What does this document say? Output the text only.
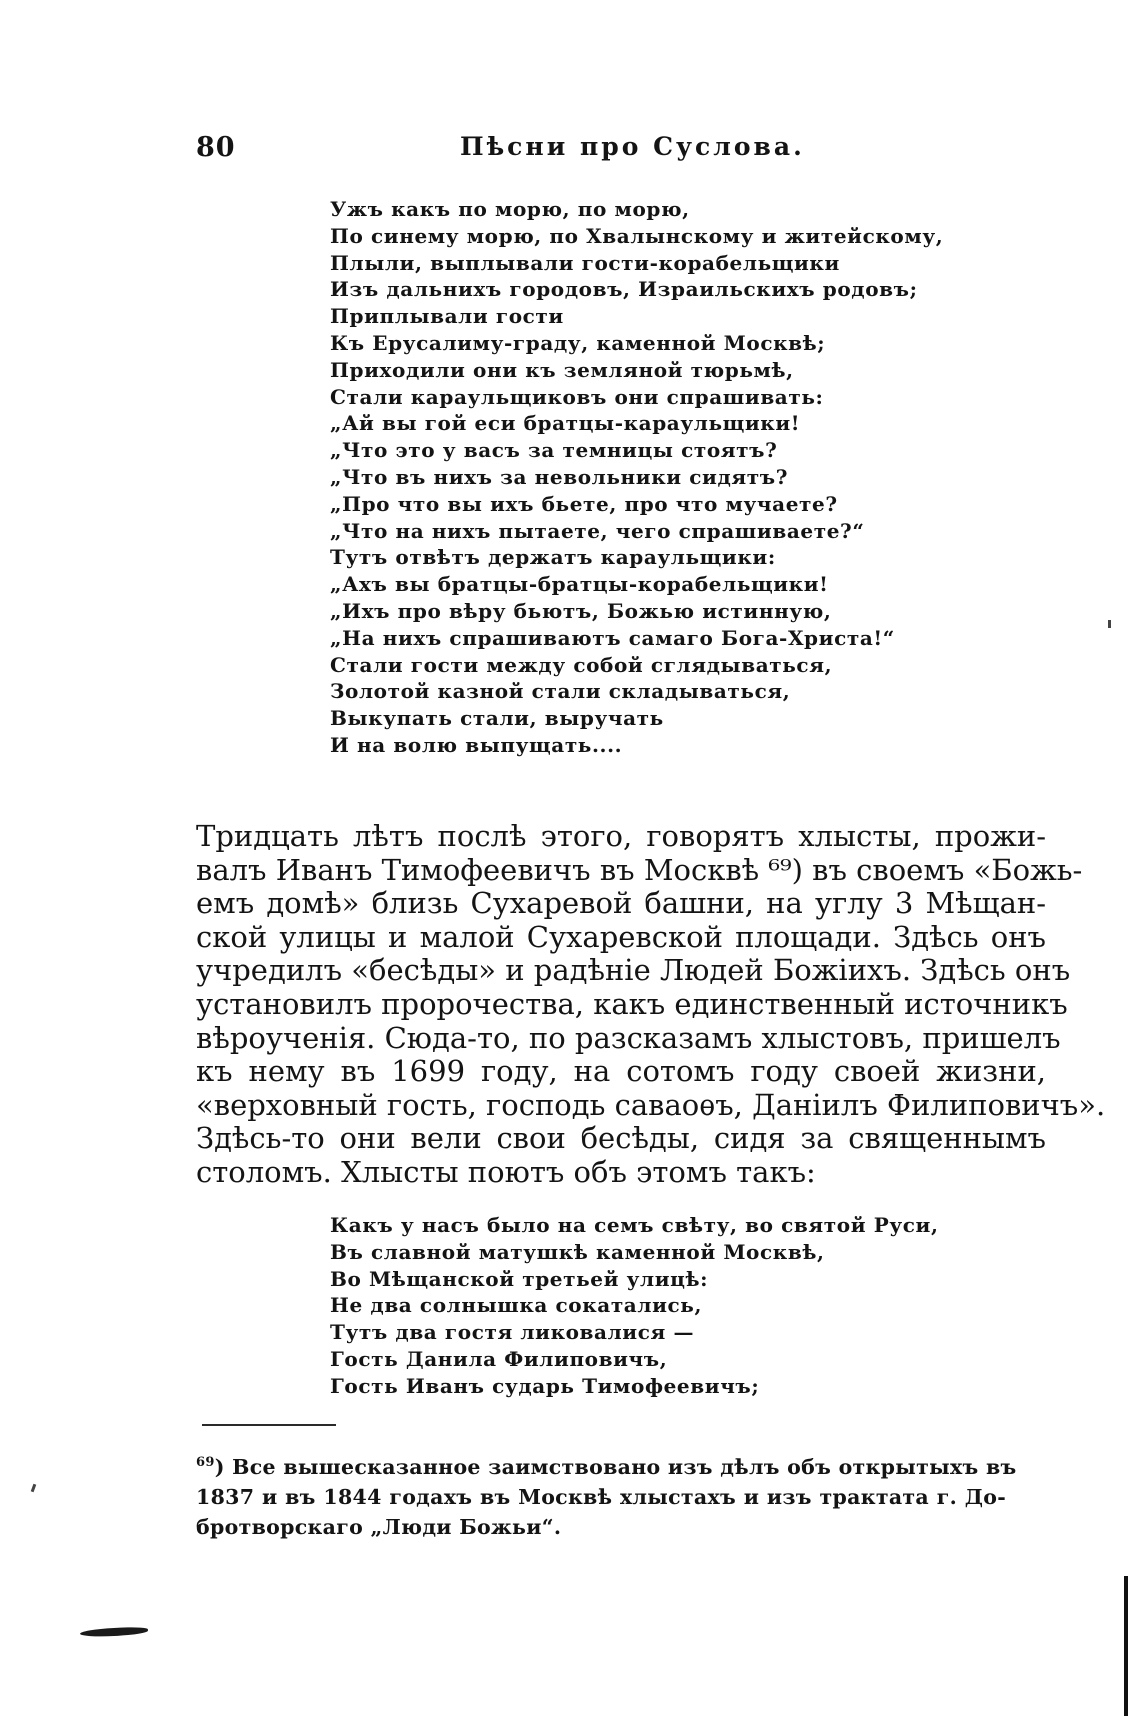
80	Пѣсни про Суслова.
Ужъ какъ по морю, по морю,
По синему морю, по Хвалынскому и житейскому,
Плыли, выплывали гости-корабельщики
Изъ дальнихъ городовъ, Израильскихъ родовъ;
Приплывали гости
Къ Ерусалиму-граду, каменной Москвѣ;
Приходили они къ земляной тюрьмѣ,
Стали караульщиковъ они спрашивать:
„Ай вы гой еси братцы-караульщики!
„Что это у васъ за темницы стоятъ?
„Что въ нихъ за невольники сидятъ?
„Про что вы ихъ бьете, про что мучаете?
„Что на нихъ пытаете, чего спрашиваете?“
Тутъ отвѣтъ держатъ караульщики:
„Ахъ вы братцы-братцы-корабельщики!
„Ихъ про вѣру бьютъ, Божью истинную,
„На нихъ спрашиваютъ самаго Бога-Христа!“
Стали гости между собой сглядываться,
Золотой казной стали складываться,
Выкупать стали, выручать
И на волю выпущать....
Тридцать лѣтъ послѣ этого, говорятъ хлысты, прожи-
валъ Иванъ Тимофеевичъ въ Москвѣ ⁶⁹) въ своемъ «Божь-
емъ домѣ» близь Сухаревой башни, на углу 3 Мѣщан-
ской улицы и малой Сухаревской площади. Здѣсь онъ
учредилъ «бесѣды» и радѣніе Людей Божіихъ. Здѣсь онъ
установилъ пророчества, какъ единственный источникъ
вѣроученія. Сюда-то, по разсказамъ хлыстовъ, пришелъ
къ нему въ 1699 году, на сотомъ году своей жизни,
«верховный гость, господь саваоѳъ, Даніилъ Филиповичъ».
Здѣсь-то они вели свои бесѣды, сидя за священнымъ
столомъ. Хлысты поютъ объ этомъ такъ:
Какъ у насъ было на семъ свѣту, во святой Руси,
Въ славной матушкѣ каменной Москвѣ,
Во Мѣщанской третьей улицѣ:
Не два солнышка сокатались,
Тутъ два гостя ликовалися —
Гость Данила Филиповичъ,
Гость Иванъ сударь Тимофеевичъ;
$^{69}$) Все вышесказанное заимствовано изъ дѣлъ объ открытыхъ въ
1837 и въ 1844 годахъ въ Москвѣ хлыстахъ и изъ трактата г. До-
бротворскаго „Люди Божьи“.
